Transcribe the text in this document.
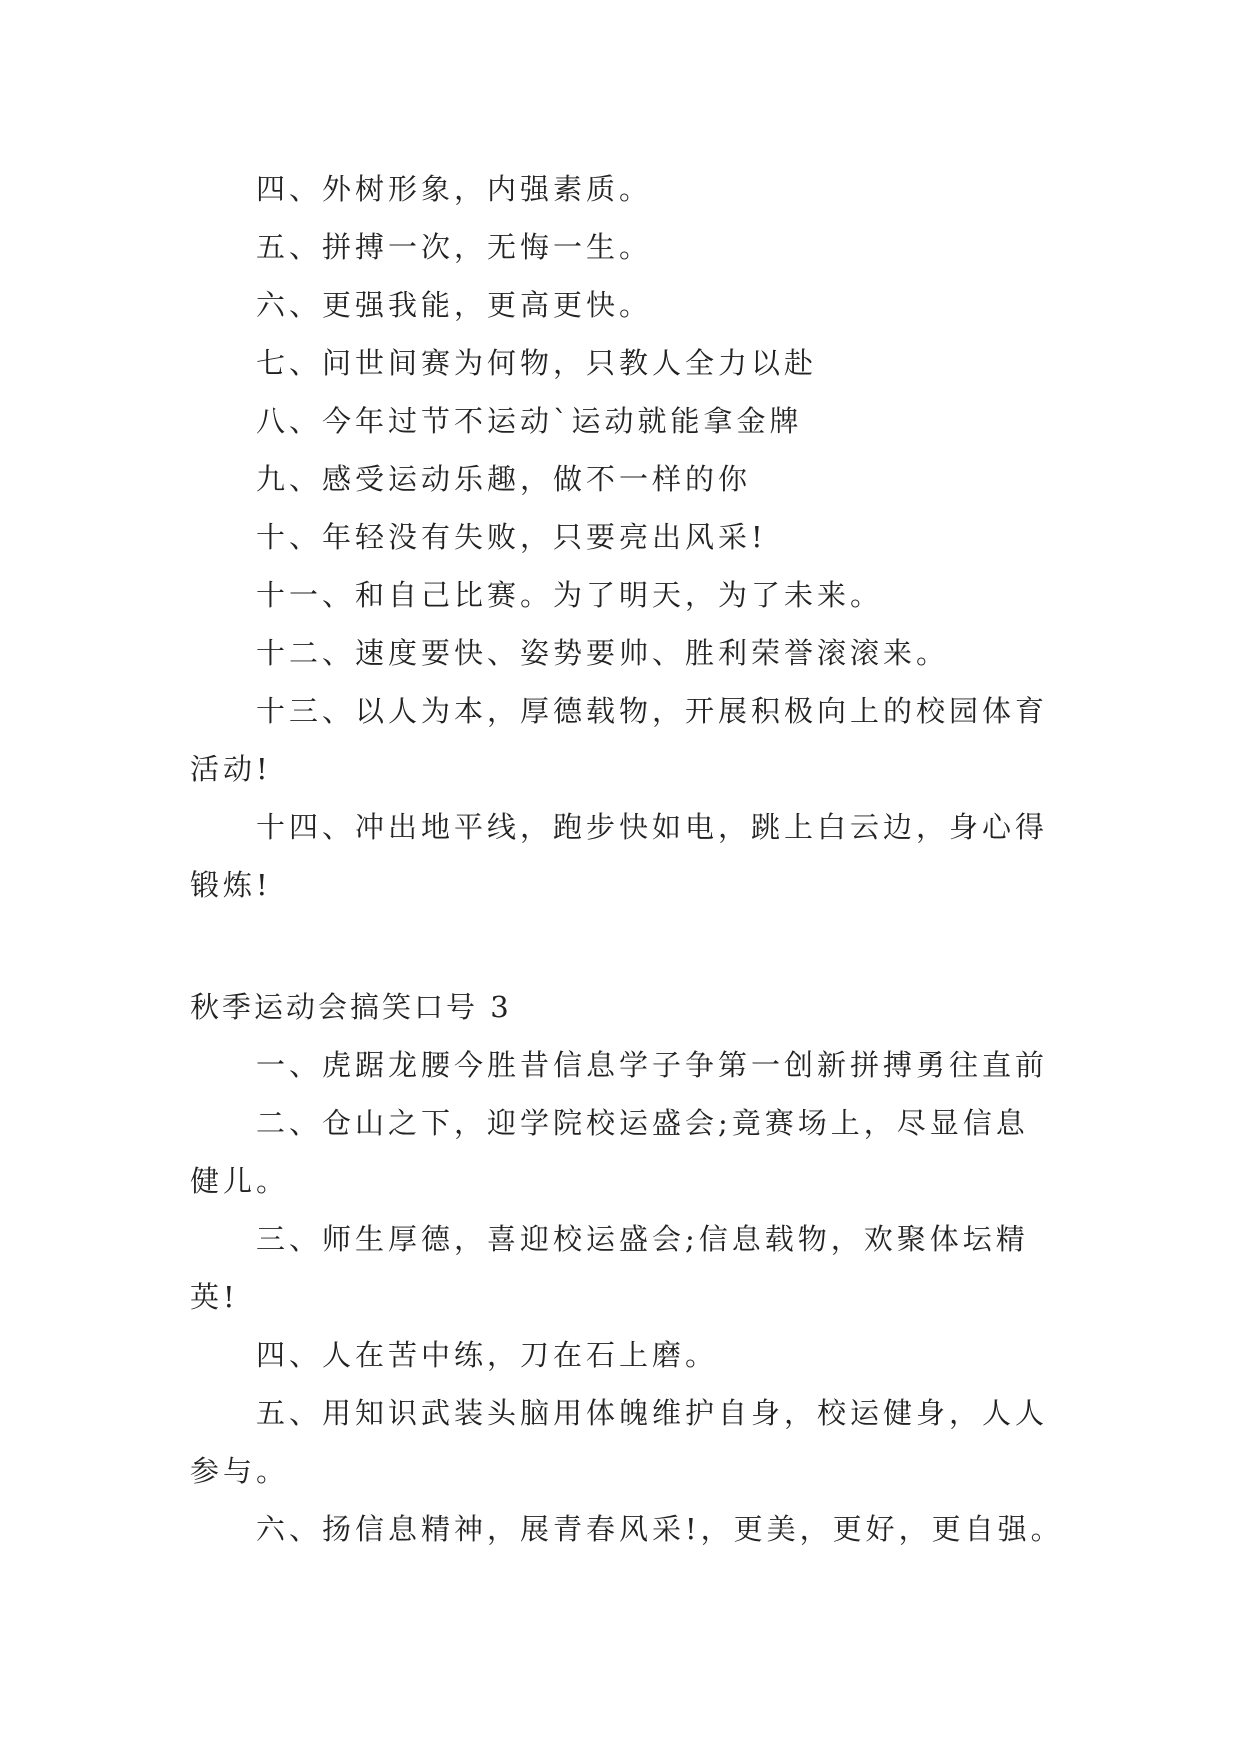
四、外树形象，内强素质。

五、拼搏一次，无悔一生。

六、更强我能，更高更快。

七、问世间赛为何物，只教人全力以赴

八、今年过节不运动`运动就能拿金牌

九、感受运动乐趣，做不一样的你

十、年轻没有失败，只要亮出风采!

十一、和自己比赛。为了明天，为了未来。

十二、速度要快、姿势要帅、胜利荣誉滚滚来。

十三、以人为本，厚德载物，开展积极向上的校园体育活动!

十四、冲出地平线，跑步快如电，跳上白云边，身心得锻炼!

秋季运动会搞笑口号 3

一、虎踞龙腰今胜昔信息学子争第一创新拼搏勇往直前

二、仓山之下，迎学院校运盛会;竟赛场上，尽显信息健儿。

三、师生厚德，喜迎校运盛会;信息载物，欢聚体坛精英!

四、人在苦中练，刀在石上磨。

五、用知识武装头脑用体魄维护自身，校运健身，人人参与。

六、扬信息精神，展青春风采!，更美，更好，更自强。
